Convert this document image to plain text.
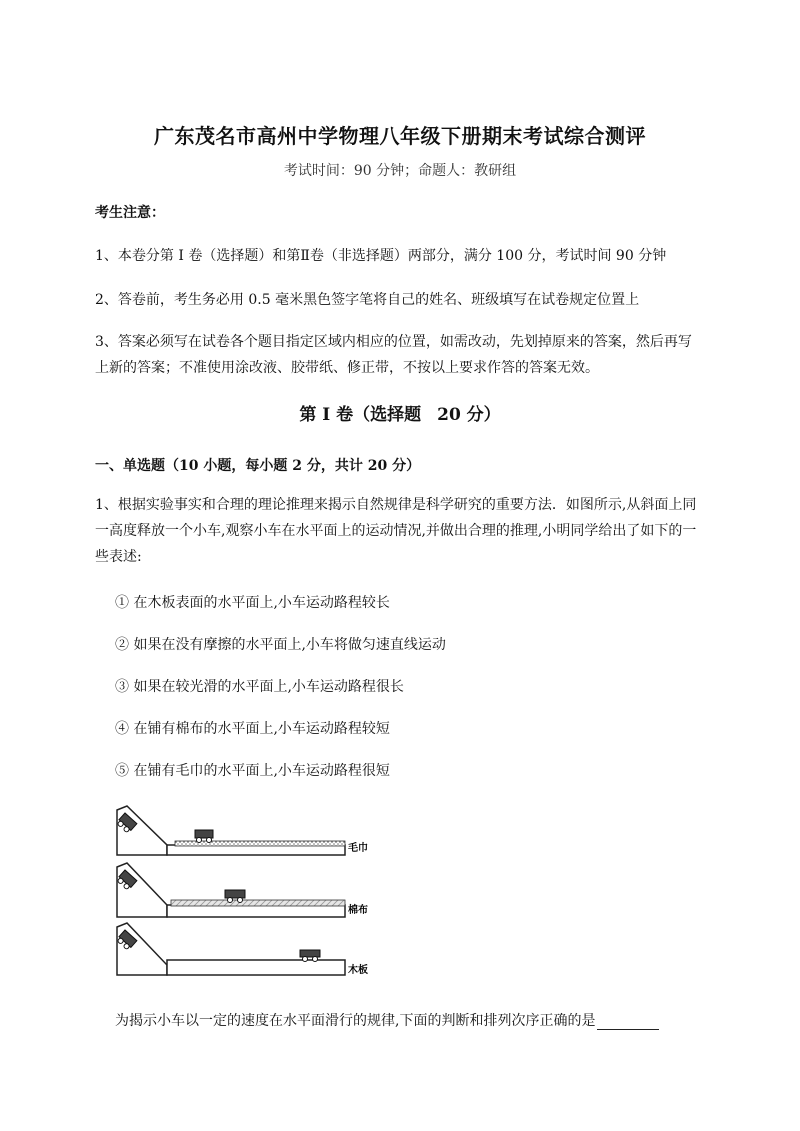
广东茂名市高州中学物理八年级下册期末考试综合测评
考试时间：90 分钟；命题人：教研组
考生注意：
1、本卷分第 I 卷（选择题）和第Ⅱ卷（非选择题）两部分，满分 100 分，考试时间 90 分钟
2、答卷前，考生务必用 0.5 毫米黑色签字笔将自己的姓名、班级填写在试卷规定位置上
3、答案必须写在试卷各个题目指定区域内相应的位置，如需改动，先划掉原来的答案，然后再写上新的答案；不准使用涂改液、胶带纸、修正带，不按以上要求作答的答案无效。
第 I 卷（选择题 20 分）
一、单选题（10 小题，每小题 2 分，共计 20 分）
1、根据实验事实和合理的理论推理来揭示自然规律是科学研究的重要方法．如图所示,从斜面上同一高度释放一个小车,观察小车在水平面上的运动情况,并做出合理的推理,小明同学给出了如下的一些表述:
① 在木板表面的水平面上,小车运动路程较长
② 如果在没有摩擦的水平面上,小车将做匀速直线运动
③ 如果在较光滑的水平面上,小车运动路程很长
④ 在铺有棉布的水平面上,小车运动路程较短
⑤ 在铺有毛巾的水平面上,小车运动路程很短
毛巾
棉布
木板
为揭示小车以一定的速度在水平面滑行的规律,下面的判断和排列次序正确的是
